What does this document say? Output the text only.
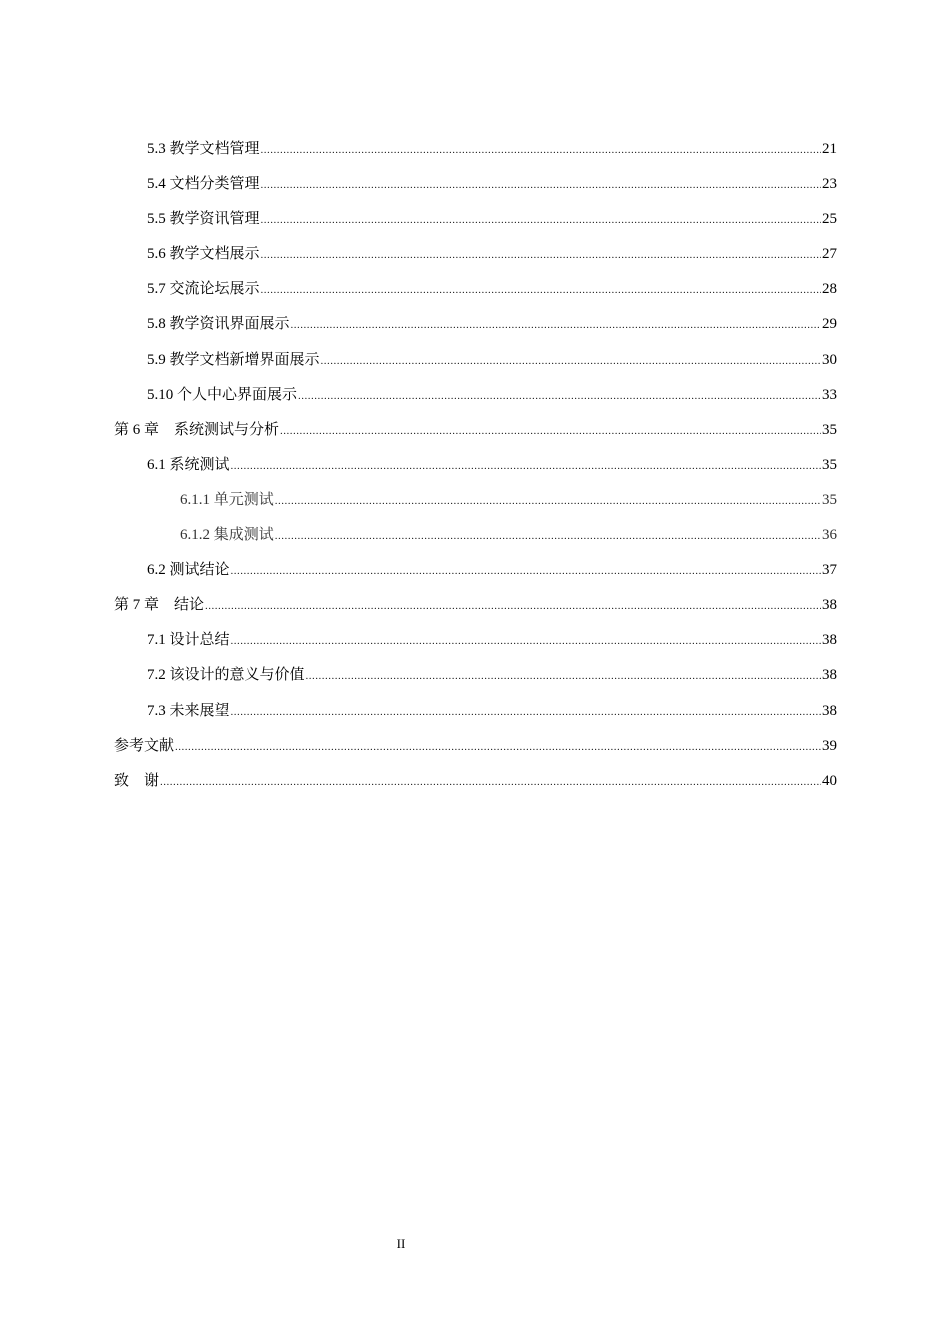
5.3 教学文档管理 .....	21
5.4 文档分类管理 .....	23
5.5 教学资讯管理 .....	25
5.6 教学文档展示 .....	27
5.7 交流论坛展示 .....	28
5.8 教学资讯界面展示 .....	29
5.9 教学文档新增界面展示 .....	30
5.10 个人中心界面展示 .....	33
第 6 章　系统测试与分析 .....	35
6.1 系统测试 .....	35
6.1.1 单元测试 .....	35
6.1.2 集成测试 .....	36
6.2 测试结论 .....	37
第 7 章　结论 .....	38
7.1 设计总结 .....	38
7.2 该设计的意义与价值 .....	38
7.3 未来展望 .....	38
参考文献 .....	39
致　谢 .....	40
II
